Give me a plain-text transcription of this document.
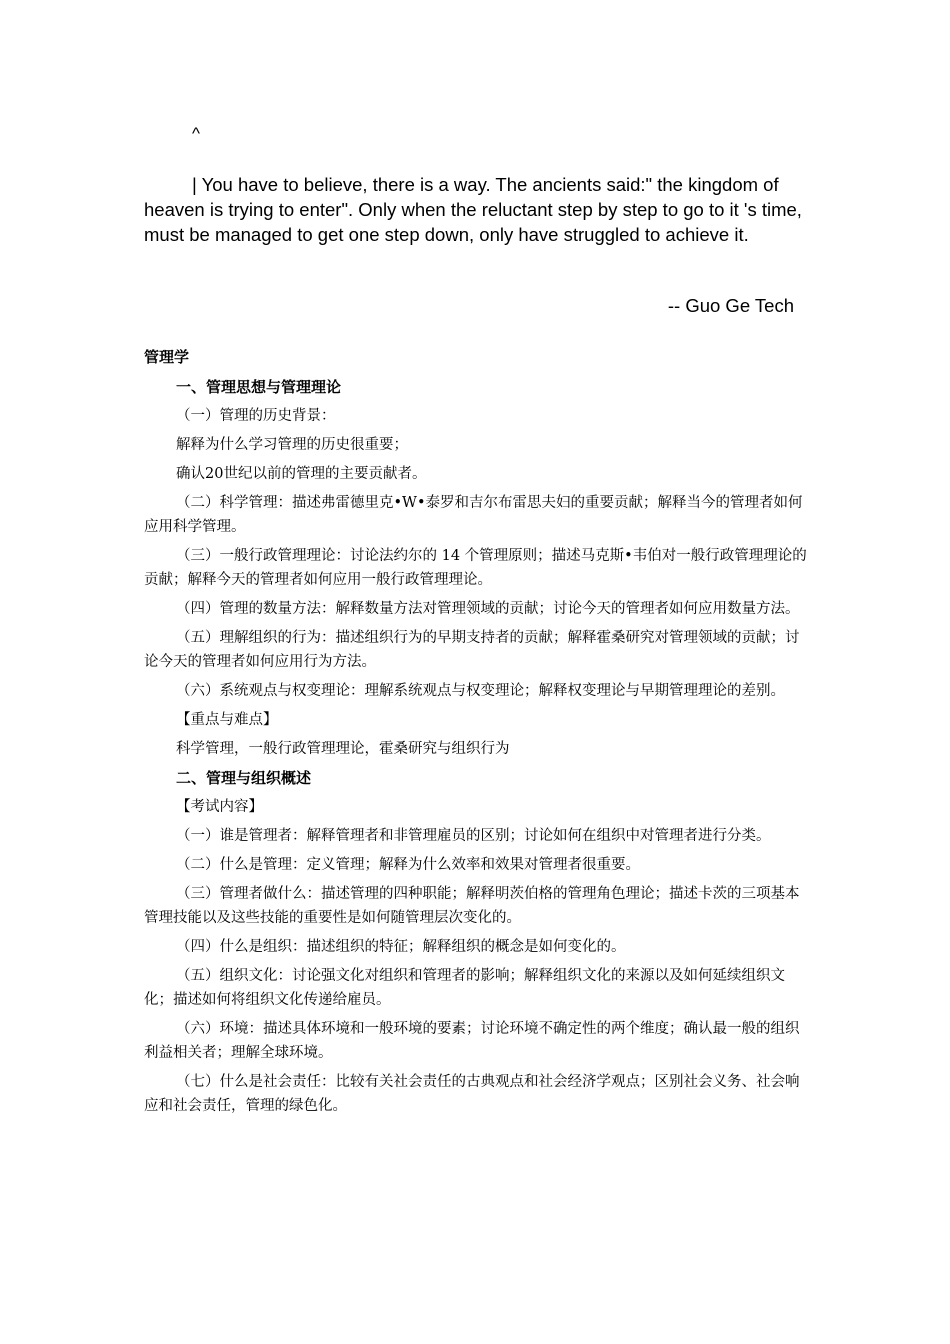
^

| You have to believe, there is a way. The ancients said:" the kingdom of heaven is trying to enter". Only when the reluctant step by step to go to it 's time, must be managed to get one step down, only have struggled to achieve it.

-- Guo Ge Tech
管理学

一、管理思想与管理理论

（一）管理的历史背景：

解释为什么学习管理的历史很重要；

确认20世纪以前的管理的主要贡献者。

（二）科学管理：描述弗雷德里克•W•泰罗和吉尔布雷思夫妇的重要贡献；解释当今的管理者如何应用科学管理。

（三）一般行政管理理论：讨论法约尔的 14 个管理原则；描述马克斯•韦伯对一般行政管理理论的贡献；解释今天的管理者如何应用一般行政管理理论。

（四）管理的数量方法：解释数量方法对管理领域的贡献；讨论今天的管理者如何应用数量方法。

（五）理解组织的行为：描述组织行为的早期支持者的贡献；解释霍桑研究对管理领域的贡献；讨论今天的管理者如何应用行为方法。

（六）系统观点与权变理论：理解系统观点与权变理论；解释权变理论与早期管理理论的差别。

【重点与难点】

科学管理，一般行政管理理论，霍桑研究与组织行为

二、管理与组织概述

【考试内容】

（一）谁是管理者：解释管理者和非管理雇员的区别；讨论如何在组织中对管理者进行分类。

（二）什么是管理：定义管理；解释为什么效率和效果对管理者很重要。

（三）管理者做什么：描述管理的四种职能；解释明茨伯格的管理角色理论；描述卡茨的三项基本管理技能以及这些技能的重要性是如何随管理层次变化的。

（四）什么是组织：描述组织的特征；解释组织的概念是如何变化的。

（五）组织文化：讨论强文化对组织和管理者的影响；解释组织文化的来源以及如何延续组织文化；描述如何将组织文化传递给雇员。

（六）环境：描述具体环境和一般环境的要素；讨论环境不确定性的两个维度；确认最一般的组织利益相关者；理解全球环境。

（七）什么是社会责任：比较有关社会责任的古典观点和社会经济学观点；区别社会义务、社会响应和社会责任，管理的绿色化。
